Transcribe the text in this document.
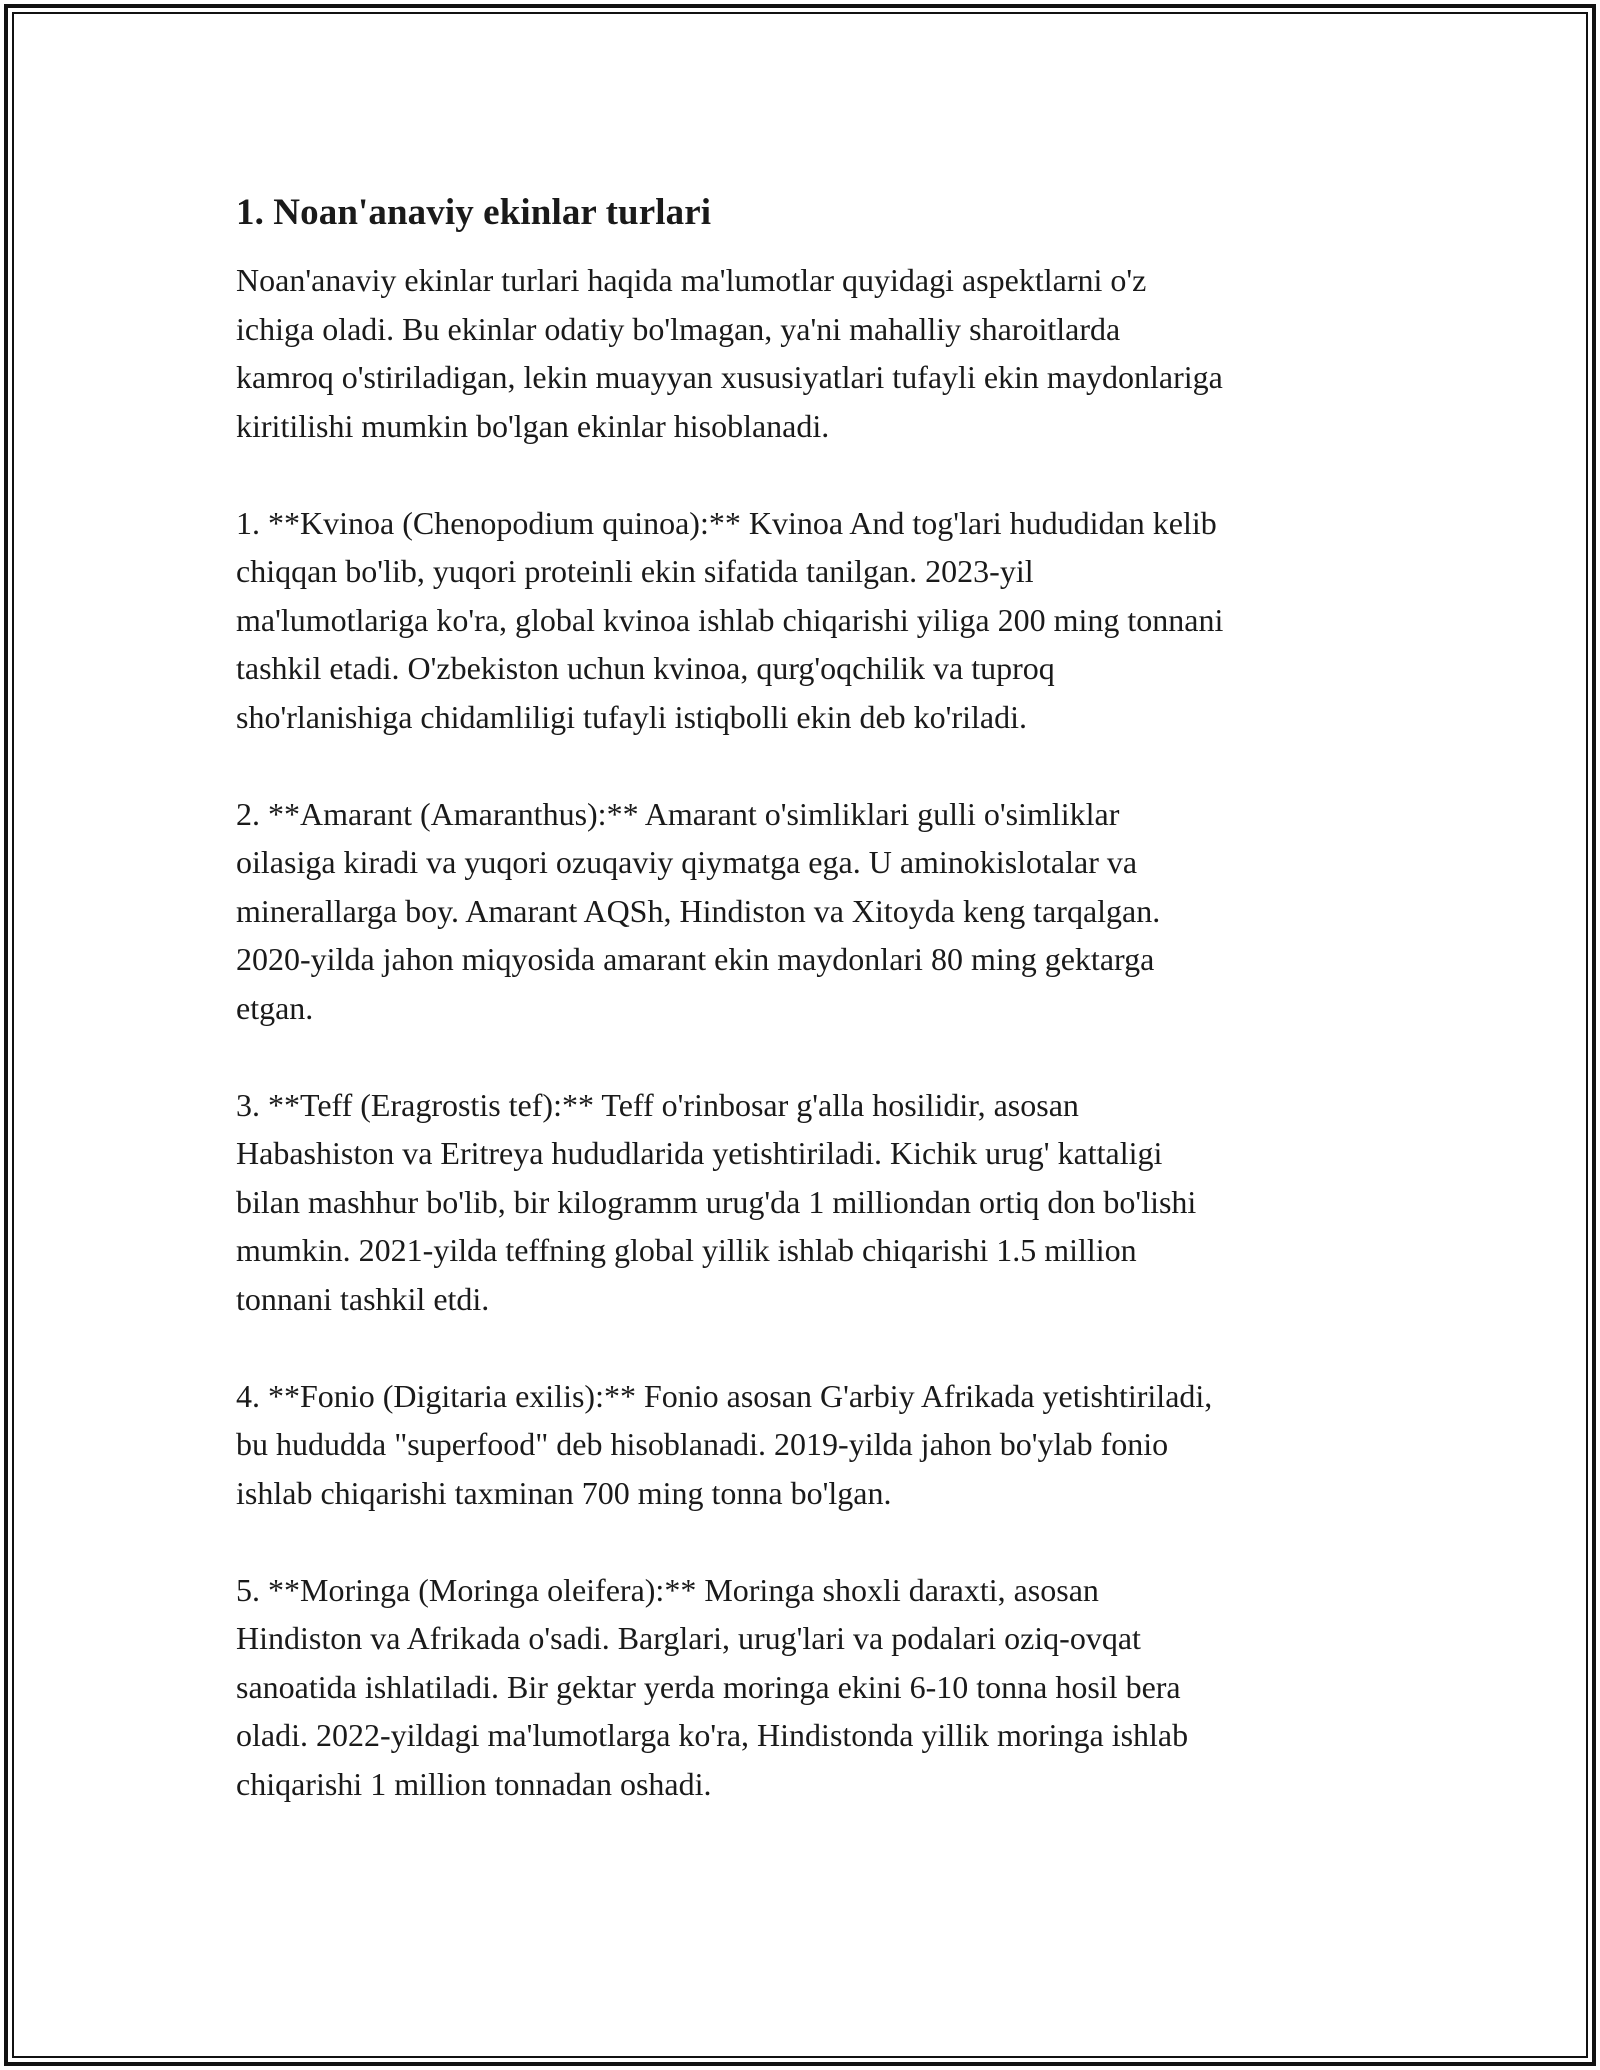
1. Noan'anaviy ekinlar turlari

Noan'anaviy ekinlar turlari haqida ma'lumotlar quyidagi aspektlarni o'z
ichiga oladi. Bu ekinlar odatiy bo'lmagan, ya'ni mahalliy sharoitlarda
kamroq o'stiriladigan, lekin muayyan xususiyatlari tufayli ekin maydonlariga
kiritilishi mumkin bo'lgan ekinlar hisoblanadi.

1. **Kvinoa (Chenopodium quinoa):** Kvinoa And tog'lari hududidan kelib
chiqqan bo'lib, yuqori proteinli ekin sifatida tanilgan. 2023-yil
ma'lumotlariga ko'ra, global kvinoa ishlab chiqarishi yiliga 200 ming tonnani
tashkil etadi. O'zbekiston uchun kvinoa, qurg'oqchilik va tuproq
sho'rlanishiga chidamliligi tufayli istiqbolli ekin deb ko'riladi.

2. **Amarant (Amaranthus):** Amarant o'simliklari gulli o'simliklar
oilasiga kiradi va yuqori ozuqaviy qiymatga ega. U aminokislotalar va
minerallarga boy. Amarant AQSh, Hindiston va Xitoyda keng tarqalgan.
2020-yilda jahon miqyosida amarant ekin maydonlari 80 ming gektarga
etgan.

3. **Teff (Eragrostis tef):** Teff o'rinbosar g'alla hosilidir, asosan
Habashiston va Eritreya hududlarida yetishtiriladi. Kichik urug' kattaligi
bilan mashhur bo'lib, bir kilogramm urug'da 1 milliondan ortiq don bo'lishi
mumkin. 2021-yilda teffning global yillik ishlab chiqarishi 1.5 million
tonnani tashkil etdi.

4. **Fonio (Digitaria exilis):** Fonio asosan G'arbiy Afrikada yetishtiriladi,
bu hududda "superfood" deb hisoblanadi. 2019-yilda jahon bo'ylab fonio
ishlab chiqarishi taxminan 700 ming tonna bo'lgan.

5. **Moringa (Moringa oleifera):** Moringa shoxli daraxti, asosan
Hindiston va Afrikada o'sadi. Barglari, urug'lari va podalari oziq-ovqat
sanoatida ishlatiladi. Bir gektar yerda moringa ekini 6-10 tonna hosil bera
oladi. 2022-yildagi ma'lumotlarga ko'ra, Hindistonda yillik moringa ishlab
chiqarishi 1 million tonnadan oshadi.
